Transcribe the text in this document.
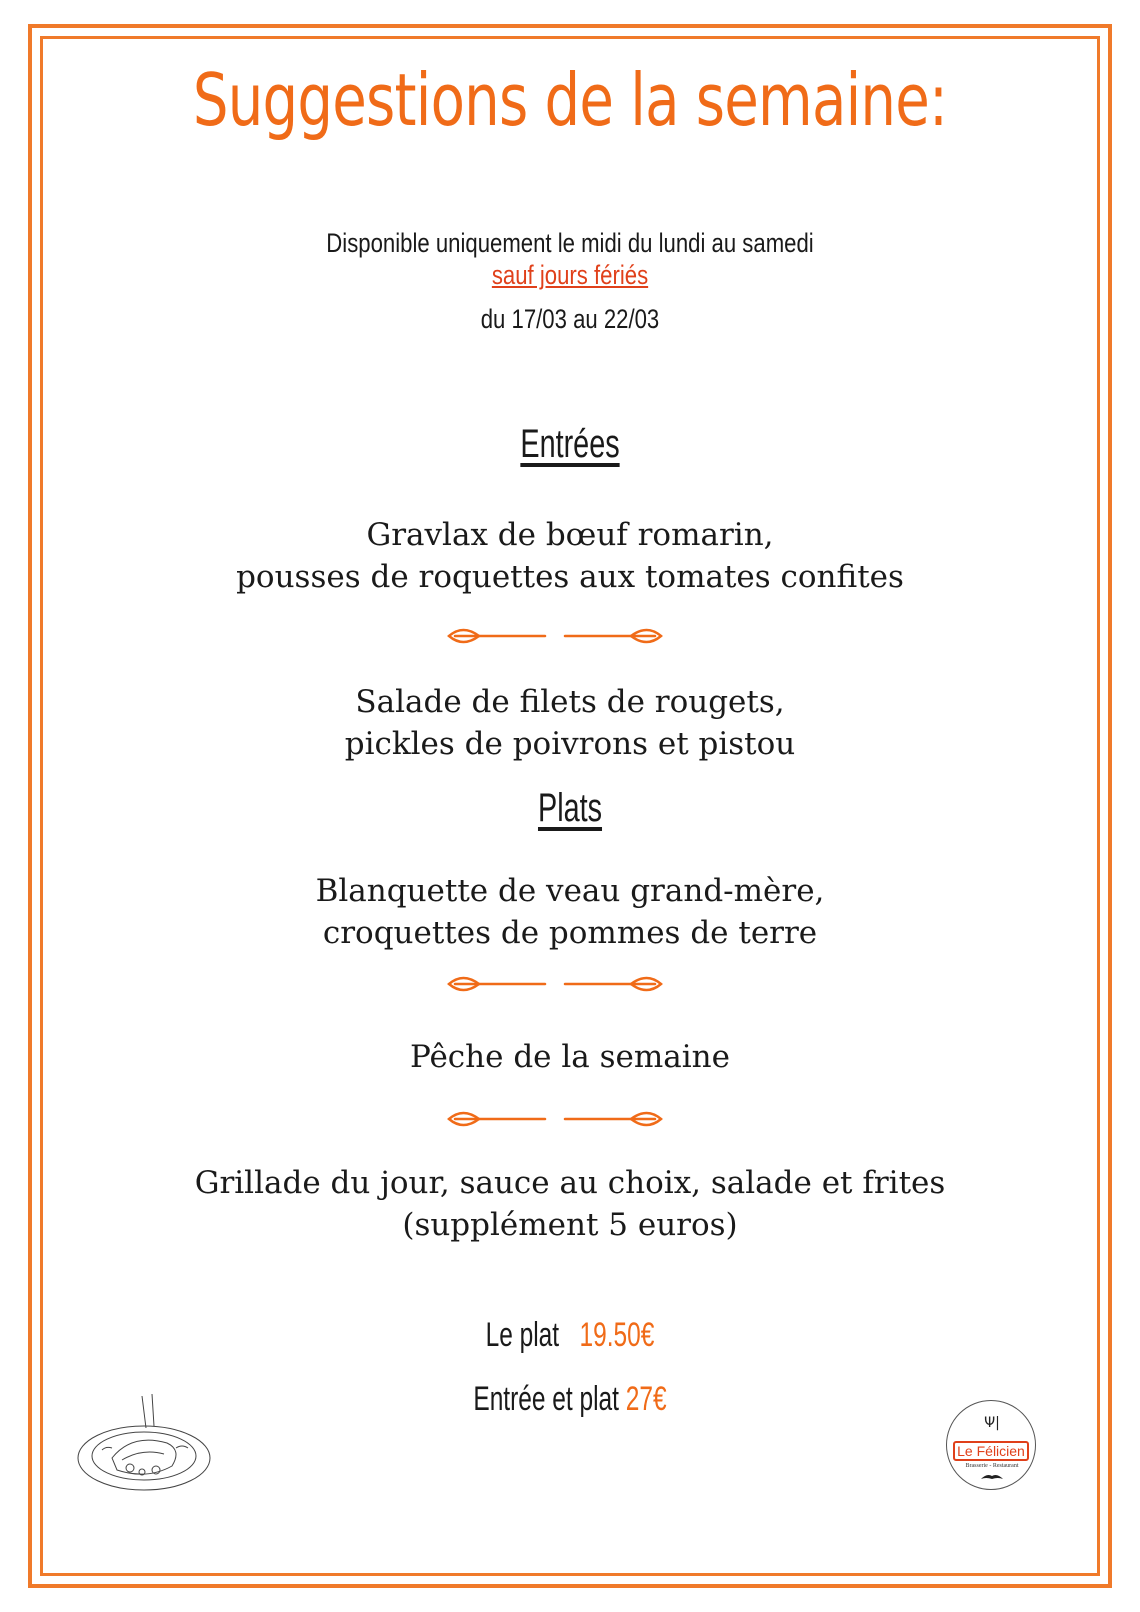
Suggestions de la semaine:
Disponible uniquement le midi du lundi au samedi
sauf jours fériés
du 17/03 au 22/03
Entrées
Gravlax de bœuf romarin,
pousses de roquettes aux tomates confites
Salade de filets de rougets,
pickles de poivrons et pistou
Plats
Blanquette de veau grand-mère,
croquettes de pommes de terre
Pêche de la semaine
Grillade du jour, sauce au choix, salade et frites
(supplément 5 euros)
Le plat 19.50€
Entrée et plat 27€
Ψ|
Le Félicien
Brasserie - Restaurant
